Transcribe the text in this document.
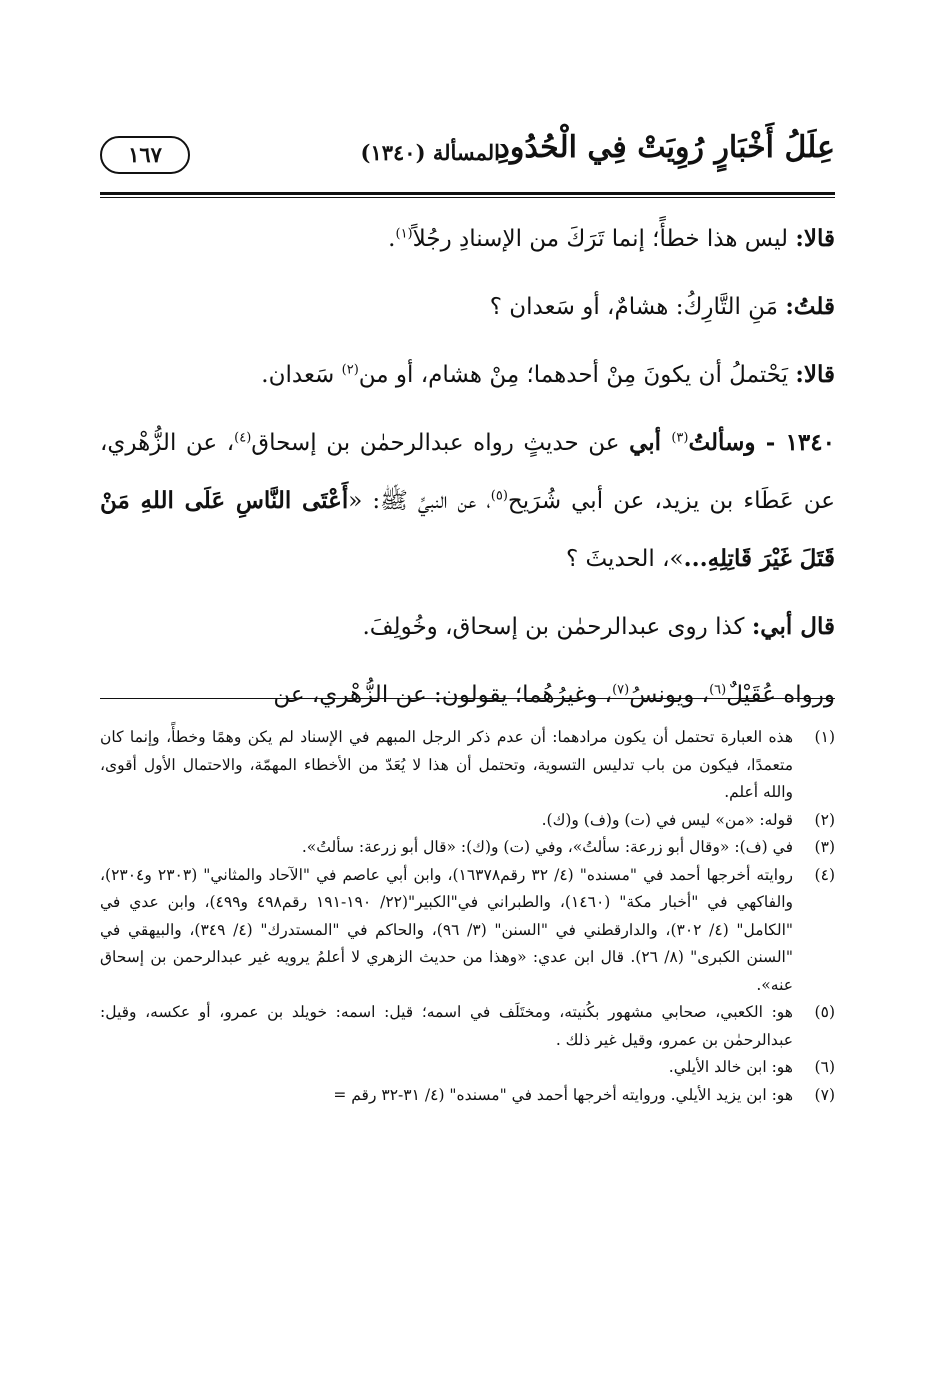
عِلَلُ أَخْبَارٍ رُوِيَتْ فِي الْحُدُودِ
المسألة (١٣٤٠)
١٦٧

قالا: ليس هذا خطأً؛ إنما تَرَكَ من الإسنادِ رجُلاً$^{(١)}$.

قلتُ: مَنِ التَّارِكُ: هشامٌ، أو سَعدان ؟

قالا: يَحْتملُ أن يكونَ مِنْ أحدهما؛ مِنْ هشام، أو من$^{(٢)}$ سَعدان.

١٣٤٠ - وسألتُ$^{(٣)}$ أبي عن حديثٍ رواه عبدالرحمٰن بن إسحاق$^{(٤)}$، عن الزُّهْري، عن عَطَاء بن يزيد، عن أبي شُرَيح$^{(٥)}$، عن النبيِّ ﷺ: «أَعْتَى النَّاسِ عَلَى اللهِ مَنْ قَتَلَ غَيْرَ قَاتِلِهِ...»، الحديثَ ؟

قال أبي: كذا روى عبدالرحمٰن بن إسحاق، وخُولِفَ.

ورواه عُقَيْلٌ$^{(٦)}$، ويونسُ$^{(٧)}$، وغيرُهُما؛ يقولون: عن الزُّهْري، عن

(١)
هذه العبارة تحتمل أن يكون مرادهما: أن عدم ذكر الرجل المبهم في الإسناد لم يكن وهمًا وخطأً، وإنما كان متعمدًا، فيكون من باب تدليس التسوية، وتحتمل أن هذا لا يُعَدّ من الأخطاء المهمّة، والاحتمال الأول أقوى، والله أعلم.
(٢)
قوله: «من» ليس في (ت) و(ف) و(ك).
(٣)
في (ف): «وقال أبو زرعة: سألتُ»، وفي (ت) و(ك): «قال أبو زرعة: سألتُ».
(٤)
روايته أخرجها أحمد في "مسنده" (٤/ ٣٢ رقم١٦٣٧٨)، وابن أبي عاصم في "الآحاد والمثاني" (٢٣٠٣ و٢٣٠٤)، والفاكهي في "أخبار مكة" (١٤٦٠)، والطبراني في"الكبير"(٢٢/ ١٩٠-١٩١ رقم٤٩٨ و٤٩٩)، وابن عدي في "الكامل" (٤/ ٣٠٢)، والدارقطني في "السنن" (٣/ ٩٦)، والحاكم في "المستدرك" (٤/ ٣٤٩)، والبيهقي في "السنن الكبرى" (٨/ ٢٦). قال ابن عدي: «وهذا من حديث الزهري لا أعلمُ يرويه غير عبدالرحمن بن إسحاق عنه».
(٥)
هو: الكعبي، صحابي مشهور بكُنيته، ومختَلَف في اسمه؛ قيل: اسمه: خويلد بن عمرو، أو عكسه، وقيل: عبدالرحمٰن بن عمرو، وقيل غير ذلك .
(٦)
هو: ابن خالد الأيلي.
(٧)
هو: ابن يزيد الأيلي. وروايته أخرجها أحمد في "مسنده" (٤/ ٣١-٣٢ رقم =
